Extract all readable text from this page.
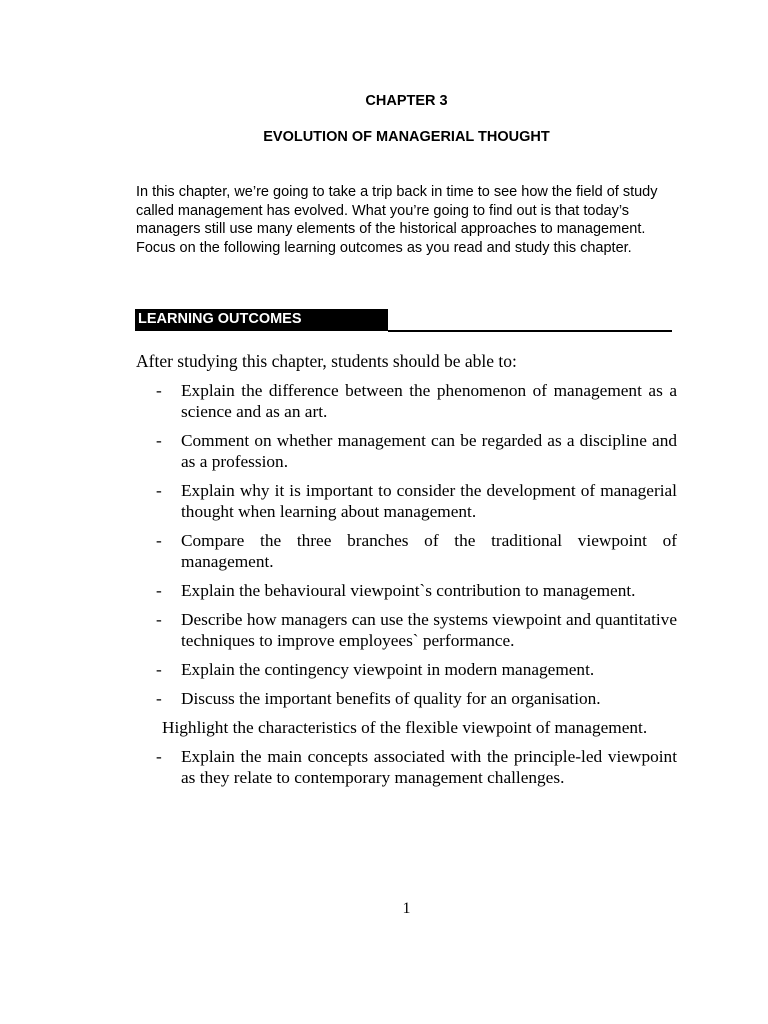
CHAPTER 3
EVOLUTION OF MANAGERIAL THOUGHT

In this chapter, we’re going to take a trip back in time to see how the field of study called management has evolved. What you’re going to find out is that today’s managers still use many elements of the historical approaches to management. Focus on the following learning outcomes as you read and study this chapter.

LEARNING OUTCOMES
After studying this chapter, students should be able to:
-	Explain the difference between the phenomenon of management as a science and as an art.
-	Comment on whether management can be regarded as a discipline and as a profession.
-	Explain why it is important to consider the development of managerial thought when learning about management.
-	Compare the three branches of the traditional viewpoint of management.
-	Explain the behavioural viewpoint`s contribution to management.
-	Describe how managers can use the systems viewpoint and quantitative techniques to improve employees` performance.
-	Explain the contingency viewpoint in modern management.
-	Discuss the important benefits of quality for an organisation.
Highlight the characteristics of the flexible viewpoint of management.
-	Explain the main concepts associated with the principle-led viewpoint as they relate to contemporary management challenges.
1
